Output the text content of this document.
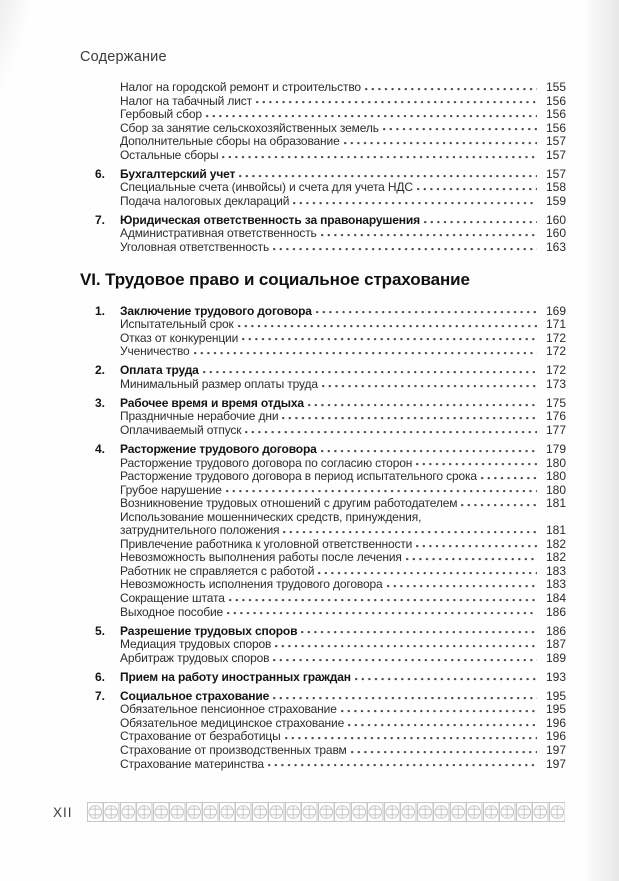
Содержание
Налог на городской ремонт и строительство	155
Налог на табачный лист	156
Гербовый сбор	156
Сбор за занятие сельскохозяйственных земель	156
Дополнительные сборы на образование	157
Остальные сборы	157
6.	Бухгалтерский учет	157
Специальные счета (инвойсы) и счета для учета НДС	158
Подача налоговых деклараций	159
7.	Юридическая ответственность за правонарушения	160
Административная ответственность	160
Уголовная ответственность	163
VI. Трудовое право и социальное страхование
1.	Заключение трудового договора	169
Испытательный срок	171
Отказ от конкуренции	172
Ученичество	172
2.	Оплата труда	172
Минимальный размер оплаты труда	173
3.	Рабочее время и время отдыха	175
Праздничные нерабочие дни	176
Оплачиваемый отпуск	177
4.	Расторжение трудового договора	179
Расторжение трудового договора по согласию сторон	180
Расторжение трудового договора в период испытательного срока	180
Грубое нарушение	180
Возникновение трудовых отношений с другим работодателем	181
Использование мошеннических средств, принуждения,
затруднительного положения	181
Привлечение работника к уголовной ответственности	182
Невозможность выполнения работы после лечения	182
Работник не справляется с работой	183
Невозможность исполнения трудового договора	183
Сокращение штата	184
Выходное пособие	186
5.	Разрешение трудовых споров	186
Медиация трудовых споров	187
Арбитраж трудовых споров	189
6.	Прием на работу иностранных граждан	193
7.	Социальное страхование	195
Обязательное пенсионное страхование	195
Обязательное медицинское страхование	196
Страхование от безработицы	196
Страхование от производственных травм	197
Страхование материнства	197
XII
